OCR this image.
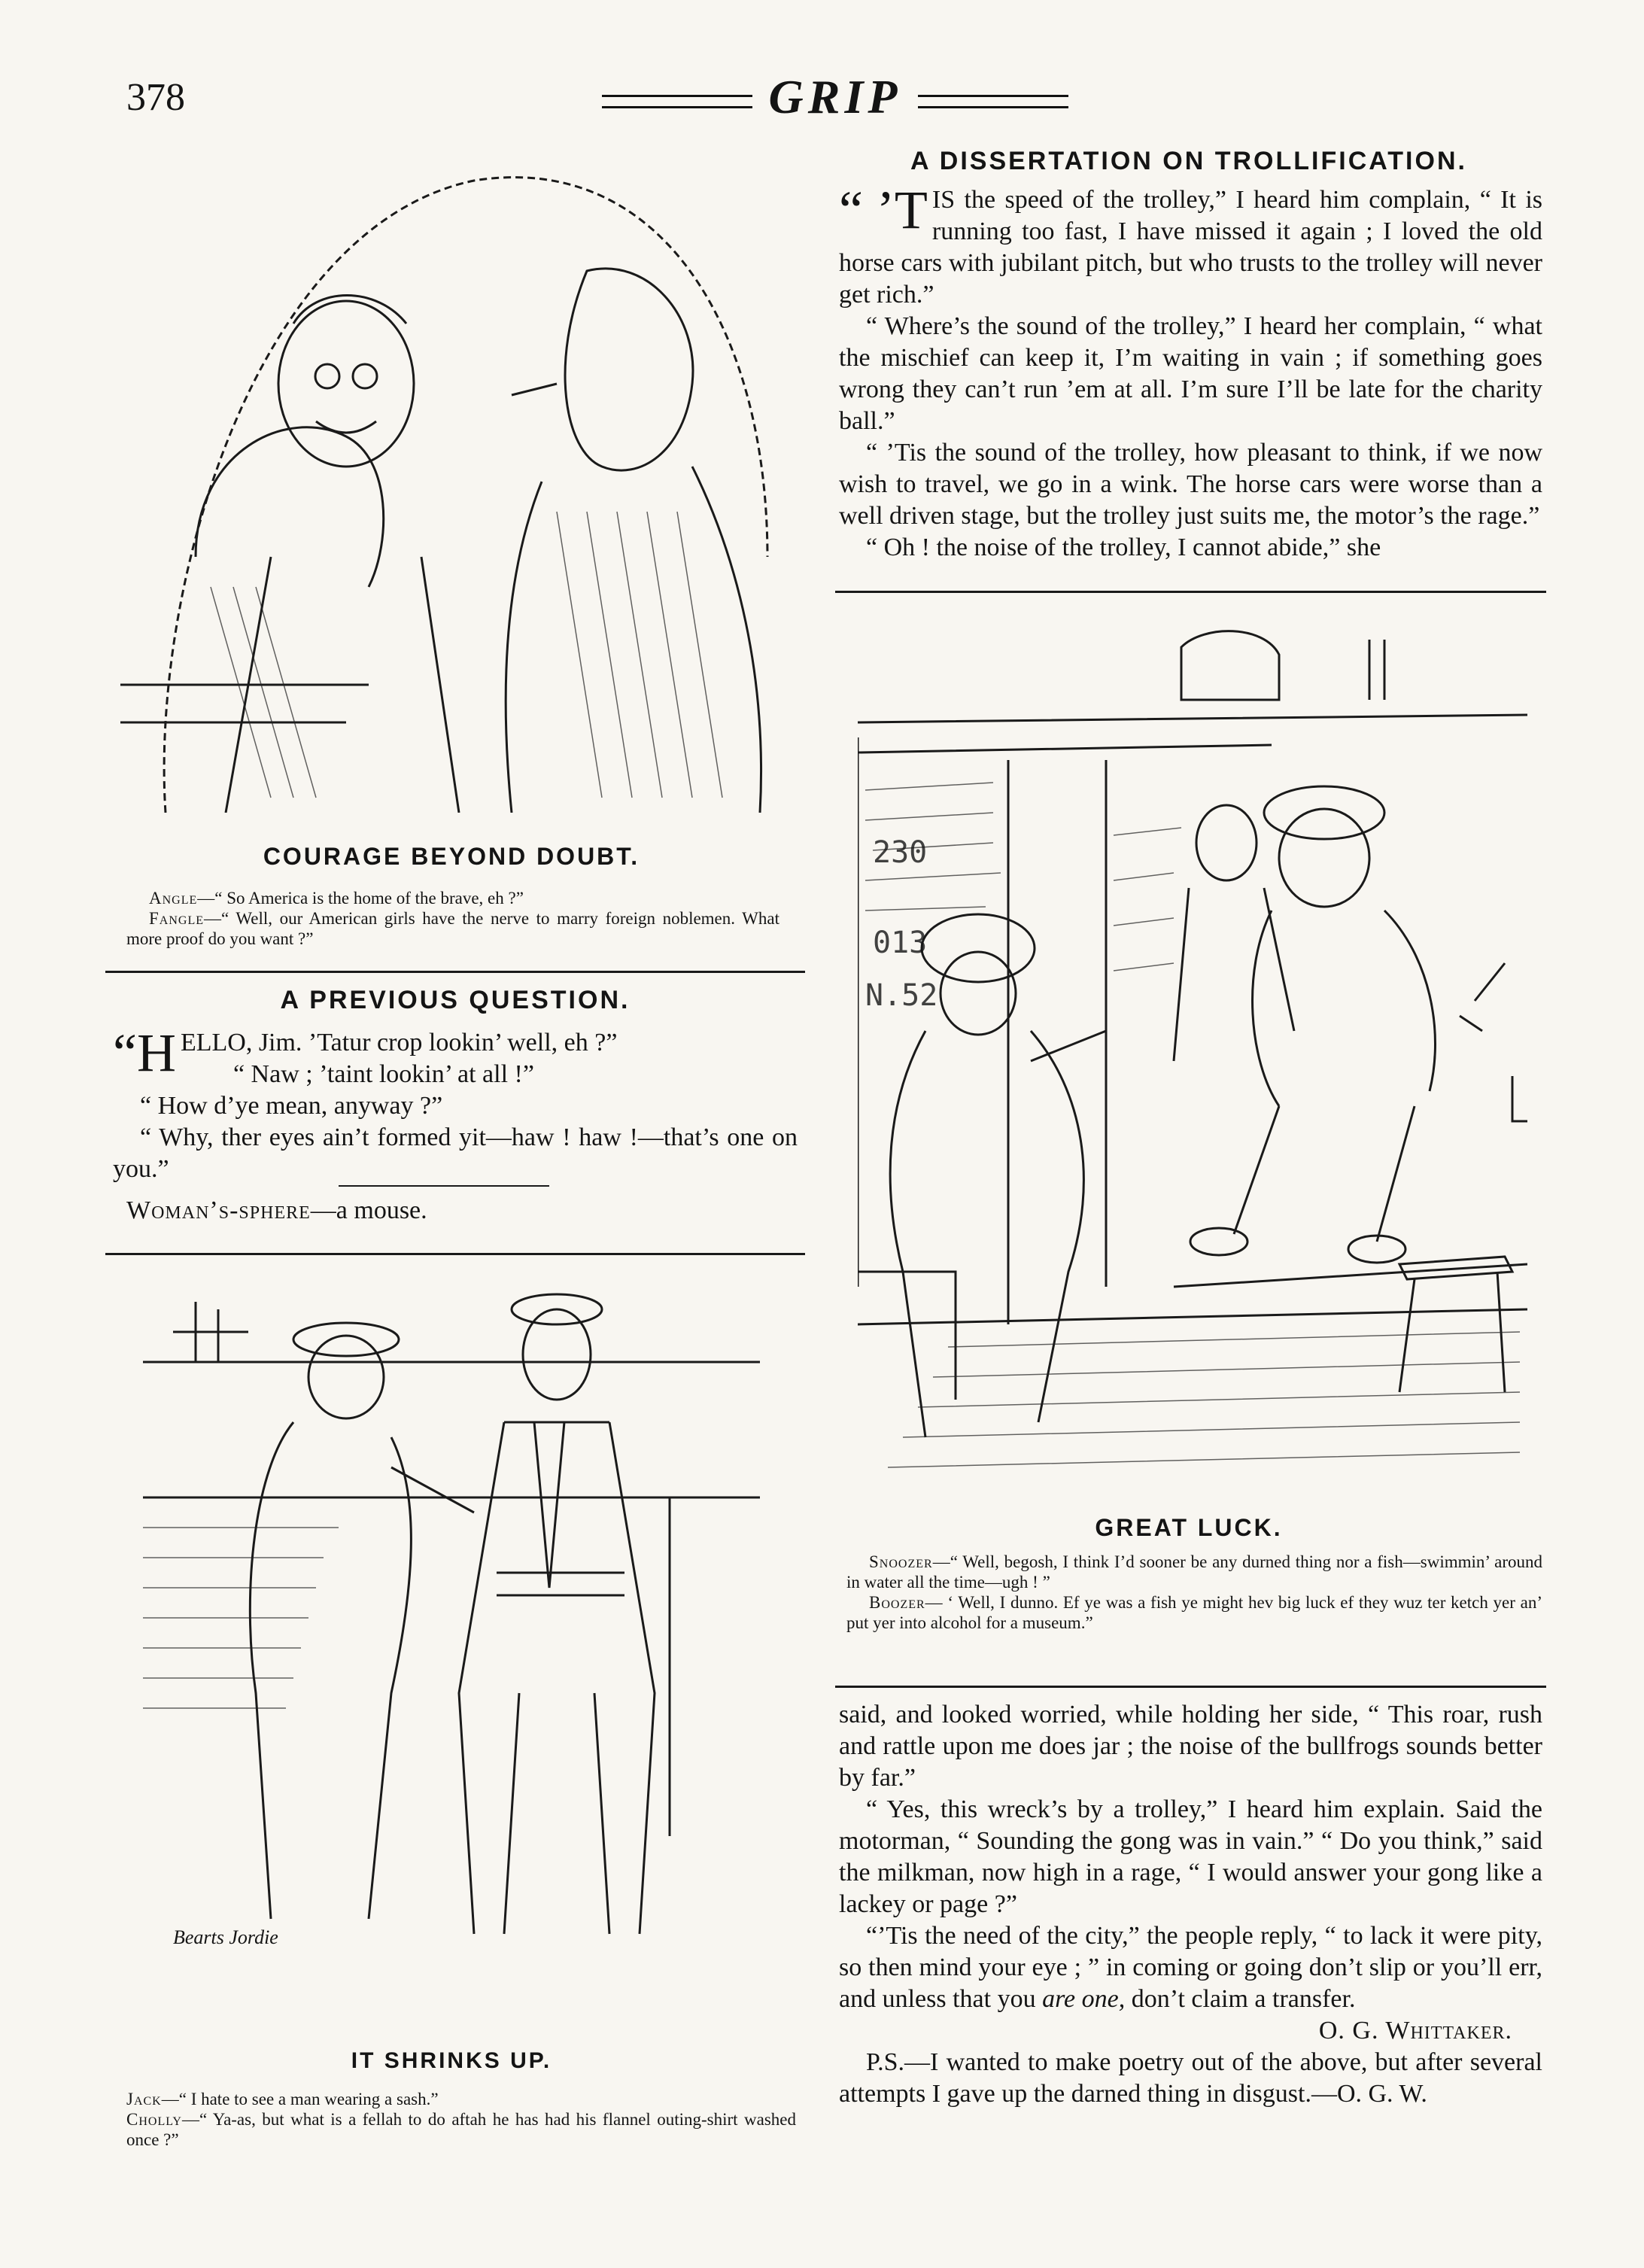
378	GRIP
COURAGE BEYOND DOUBT.

Angle—“ So America is the home of the brave, eh ?”

Fangle—“ Well, our American girls have the nerve to marry foreign noblemen. What more proof do you want ?”

A PREVIOUS QUESTION.

“HELLO, Jim. ’Tatur crop lookin’ well, eh ?”

“ Naw ; ’taint lookin’ at all !”

“ How d’ye mean, anyway ?”

“ Why, ther eyes ain’t formed yit—haw ! haw !—that’s one on you.”

Woman’s-sphere—a mouse.

Bearts Jordie
IT SHRINKS UP.

Jack—“ I hate to see a man wearing a sash.”

Cholly—“ Ya-as, but what is a fellah to do aftah he has had his flannel outing-shirt washed once ?”

A DISSERTATION ON TROLLIFICATION.

“ ’T IS the speed of the trolley,” I heard him complain, “ It is running too fast, I have missed it again ; I loved the old horse cars with jubilant pitch, but who trusts to the trolley will never get rich.”

“ Where’s the sound of the trolley,” I heard her complain, “ what the mischief can keep it, I’m waiting in vain ; if something goes wrong they can’t run ’em at all. I’m sure I’ll be late for the charity ball.”

“ ’Tis the sound of the trolley, how pleasant to think, if we now wish to travel, we go in a wink. The horse cars were worse than a well driven stage, but the trolley just suits me, the motor’s the rage.”

“ Oh ! the noise of the trolley, I cannot abide,” she

230
013
N.52
GREAT LUCK.

Snoozer—“ Well, begosh, I think I’d sooner be any durned thing nor a fish—swimmin’ around in water all the time—ugh ! ”

Boozer— ‘ Well, I dunno. Ef ye was a fish ye might hev big luck ef they wuz ter ketch yer an’ put yer into alcohol for a museum.”

said, and looked worried, while holding her side, “ This roar, rush and rattle upon me does jar ; the noise of the bullfrogs sounds better by far.”

“ Yes, this wreck’s by a trolley,” I heard him explain. Said the motorman, “ Sounding the gong was in vain.” “ Do you think,” said the milkman, now high in a rage, “ I would answer your gong like a lackey or page ?”

“’Tis the need of the city,” the people reply, “ to lack it were pity, so then mind your eye ; ” in coming or going don’t slip or you’ll err, and unless that you are one, don’t claim a transfer.

O. G. Whittaker.

P.S.—I wanted to make poetry out of the above, but after several attempts I gave up the darned thing in disgust.—O. G. W.
